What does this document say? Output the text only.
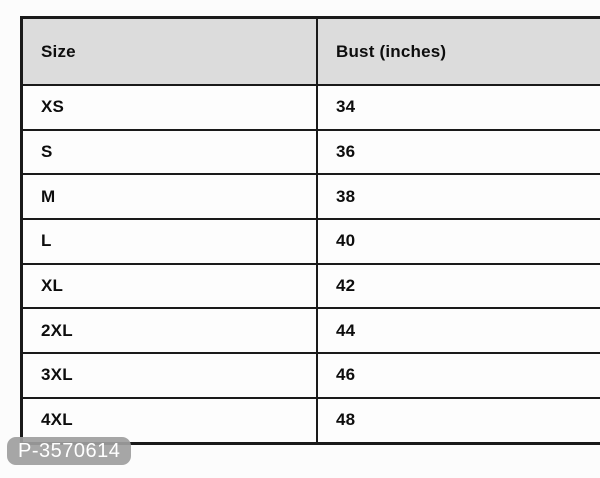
Size	Bust (inches)
XS	34
S	36
M	38
L	40
XL	42
2XL	44
3XL	46
4XL	48
P-3570614
